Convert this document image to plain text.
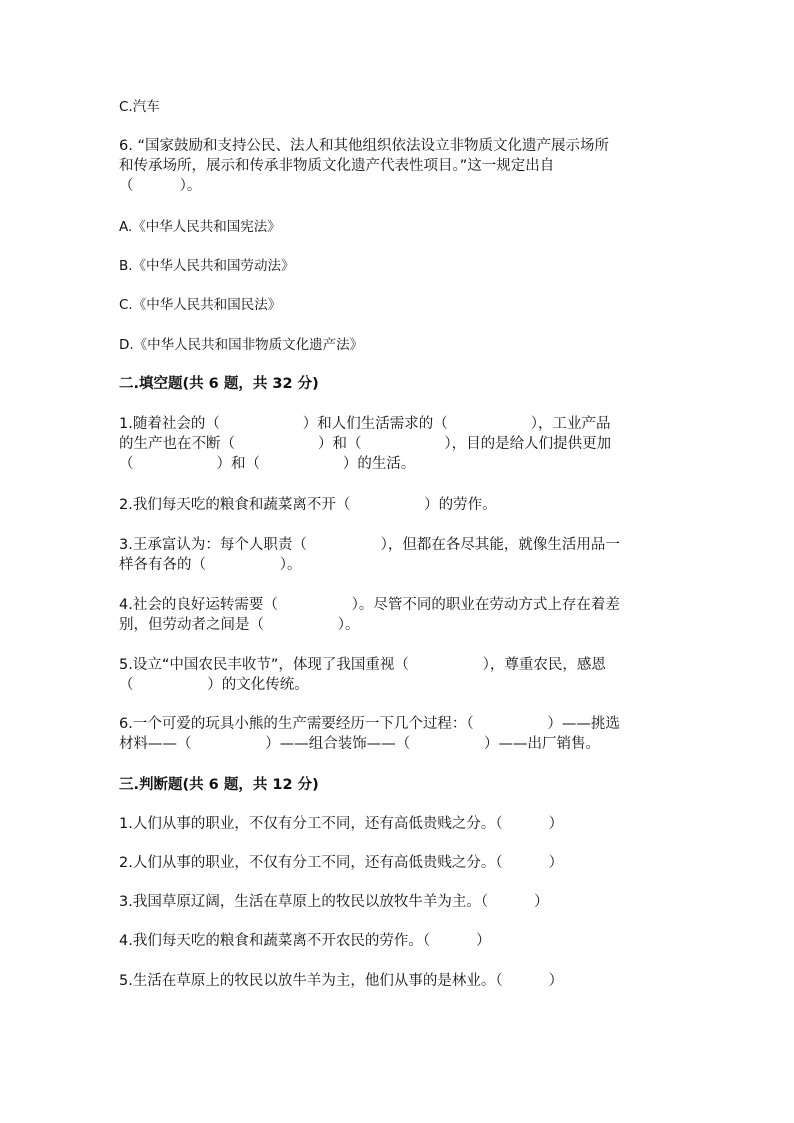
C.汽车
6. “国家鼓励和支持公民、法人和其他组织依法设立非物质文化遗产展示场所
和传承场所，展示和传承非物质文化遗产代表性项目。”这一规定出自
（          ）。
A.《中华人民共和国宪法》
B.《中华人民共和国劳动法》
C.《中华人民共和国民法》
D.《中华人民共和国非物质文化遗产法》
二.填空题(共 6 题，共 32 分)
1.随着社会的（                  ）和人们生活需求的（                  ），工业产品
的生产也在不断（                  ）和（                  ），目的是给人们提供更加
（                  ）和（                  ）的生活。
2.我们每天吃的粮食和蔬菜离不开（                ）的劳作。
3.王承富认为：每个人职责（                ），但都在各尽其能，就像生活用品一
样各有各的（                ）。
4.社会的良好运转需要（                ）。尽管不同的职业在劳动方式上存在着差
别，但劳动者之间是（                ）。
5.设立“中国农民丰收节”，体现了我国重视（                ），尊重农民，感恩
（                ）的文化传统。
6.一个可爱的玩具小熊的生产需要经历一下几个过程：（                ）——挑选
材料——（                ）——组合装饰——（                ）——出厂销售。
三.判断题(共 6 题，共 12 分)
1.人们从事的职业，不仅有分工不同，还有高低贵贱之分。（          ）
2.人们从事的职业，不仅有分工不同，还有高低贵贱之分。（          ）
3.我国草原辽阔，生活在草原上的牧民以放牧牛羊为主。（          ）
4.我们每天吃的粮食和蔬菜离不开农民的劳作。（          ）
5.生活在草原上的牧民以放牛羊为主，他们从事的是林业。（          ）
